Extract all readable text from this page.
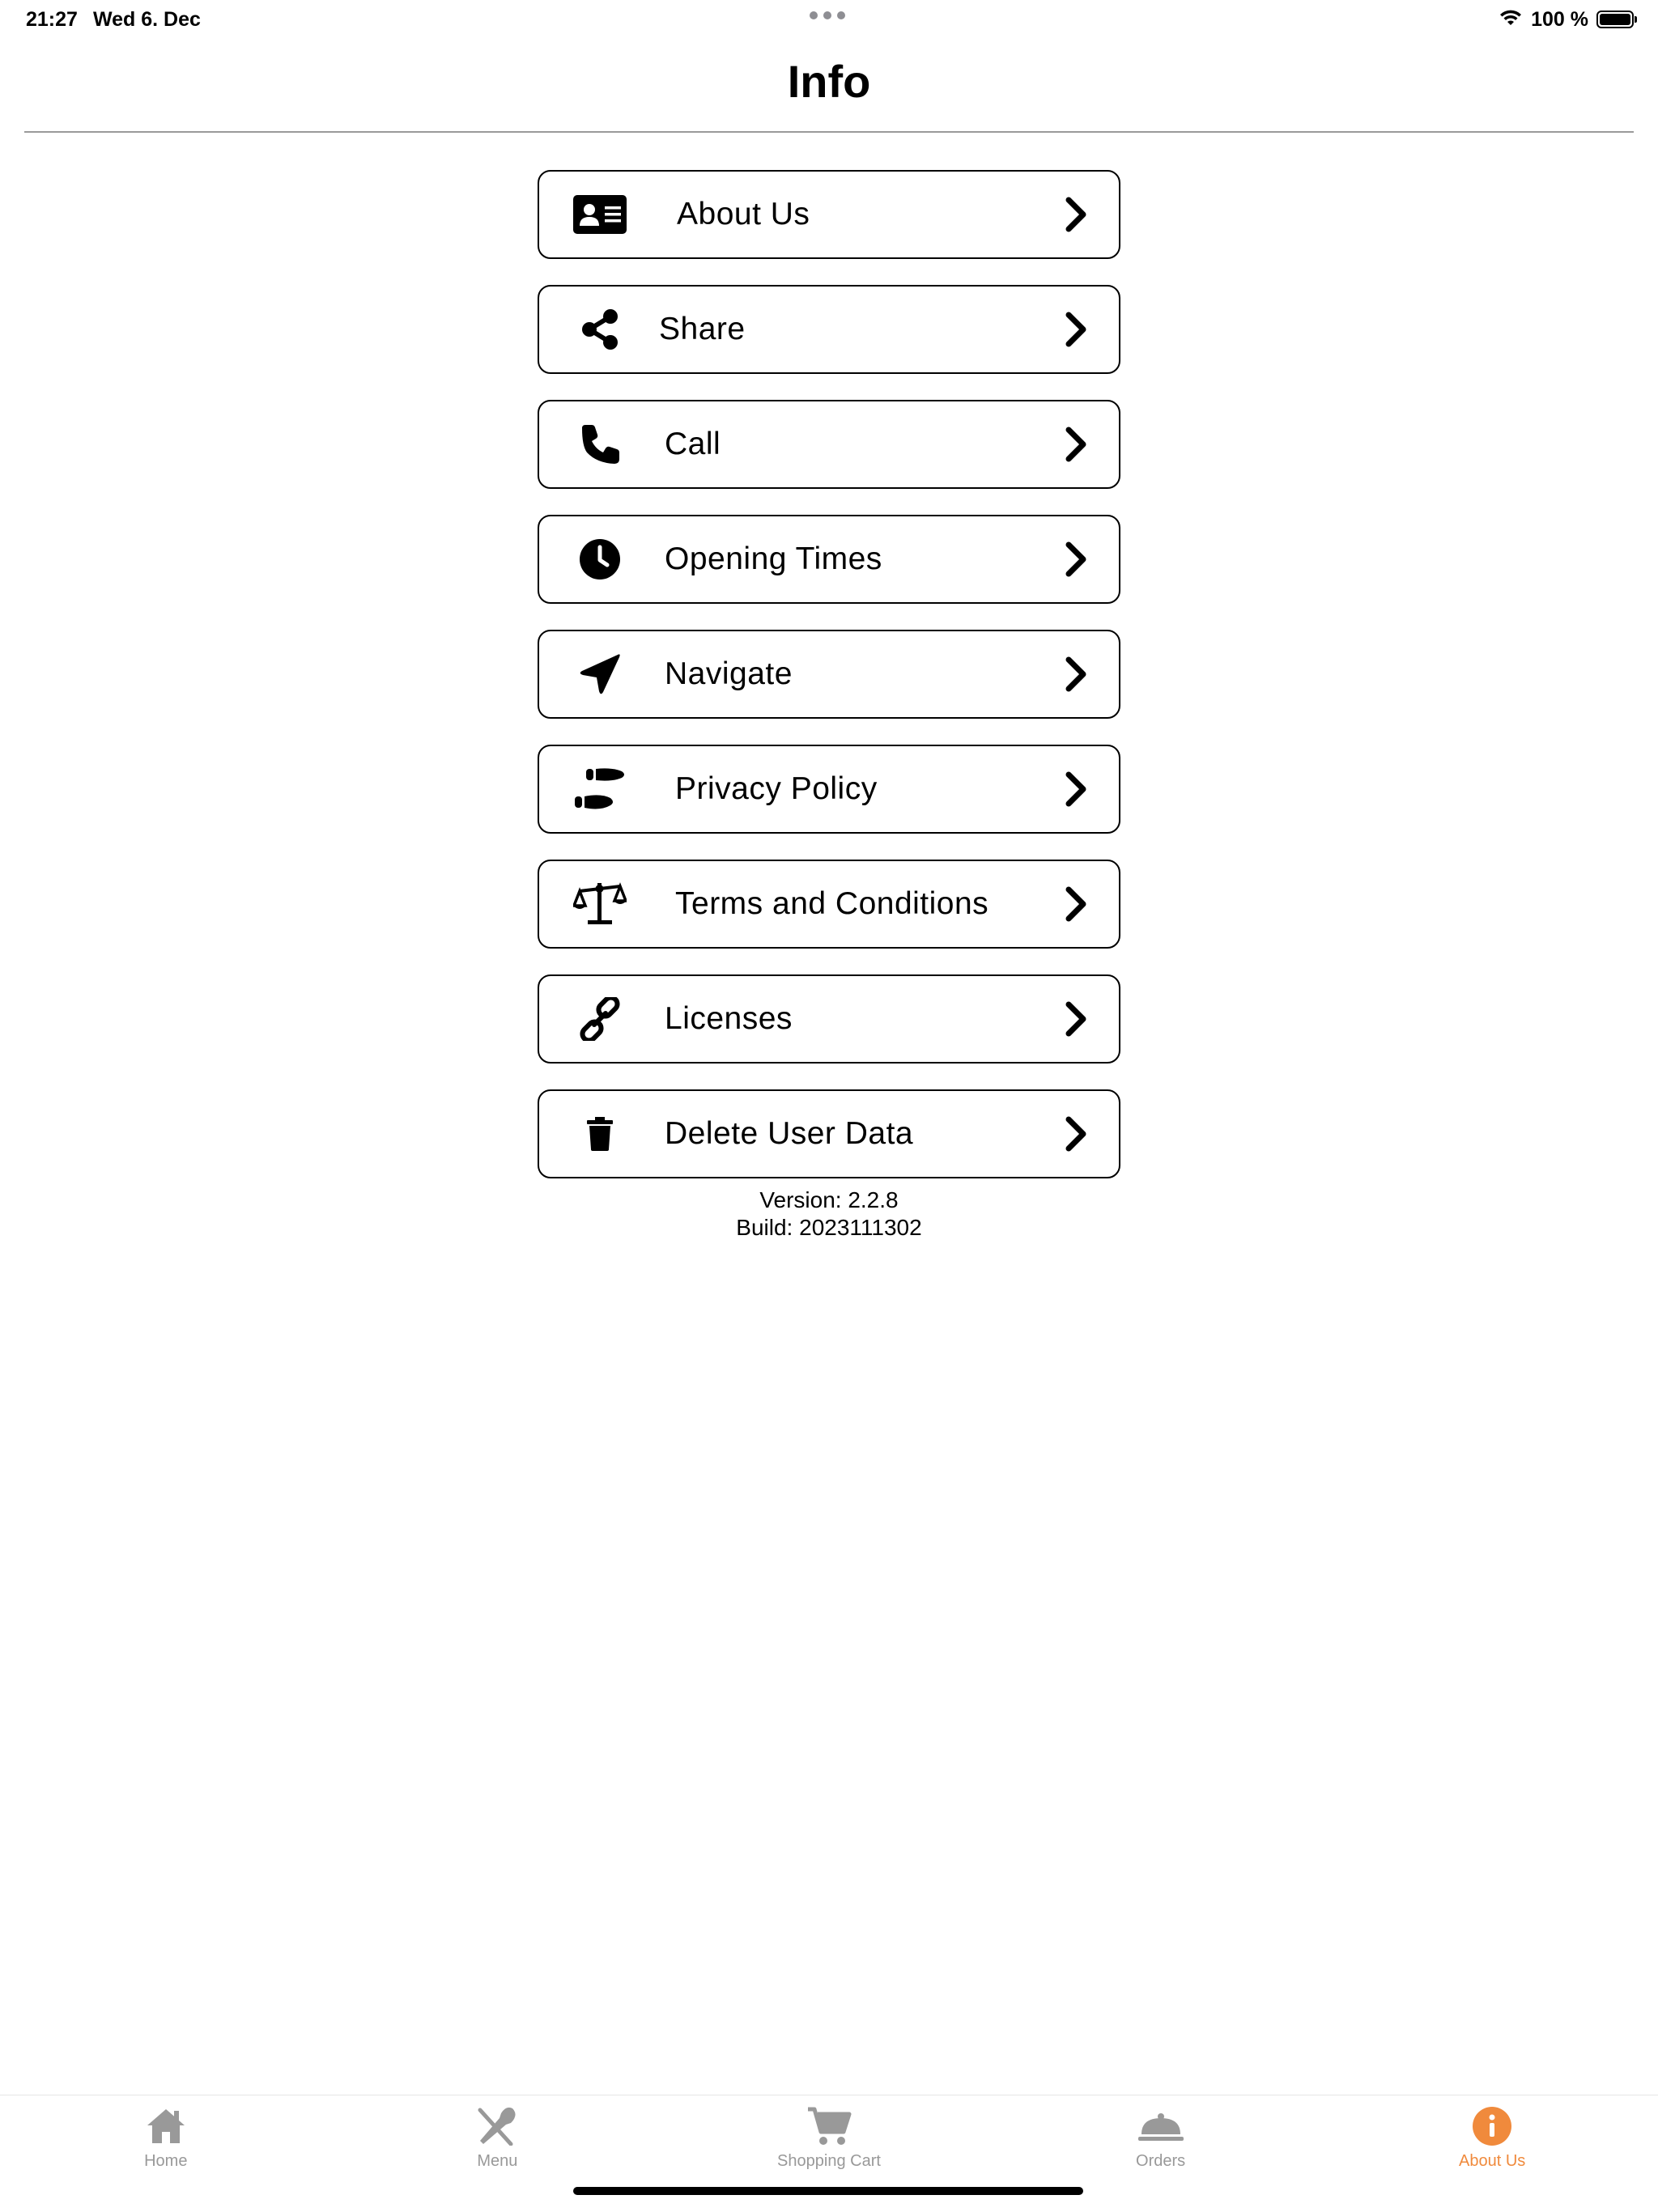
21:27 Wed 6. Dec	100 %
Info
About Us
Share
Call
Opening Times
Navigate
Privacy Policy
Terms and Conditions
Licenses
Delete User Data
Version: 2.2.8
Build: 2023111302
Home	Menu	Shopping Cart	Orders	About Us
